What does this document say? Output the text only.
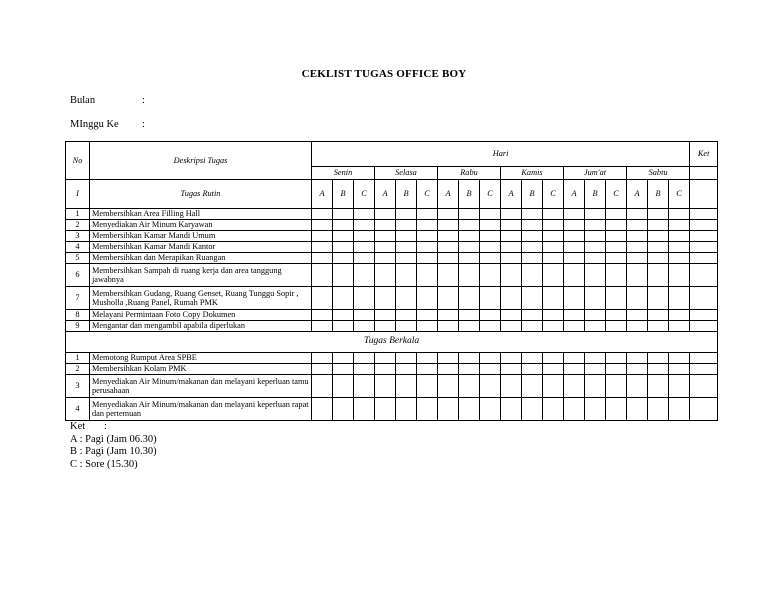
CEKLIST TUGAS OFFICE BOY
Bulan	:
MInggu Ke :
No	Deskripsi Tugas	Hari																		Ket
		Senin			Selasa			Rabu			Kamis			Jum'at			Sabtu			
I	Tugas Rutin	A	B	C	A	B	C	A	B	C	A	B	C	A	B	C	A	B	C	
1	Membersihkan Area Filling Hall																			
2	Menyediakan Air Minum Karyawan																			
3	Membersihkan Kamar Mandi Umum																			
4	Membersihkan Kamar Mandi Kantor																			
5	Membersihkan dan Merapikan Ruangan																			
6	Membersihkan Sampah di ruang kerja dan area tanggung jawabnya																			
7	Membersihkan Gudang, Ruang Genset, Ruang Tunggu Sopir , Musholla ,Ruang Panel, Rumah PMK																			
8	Melayani Permintaan Foto Copy Dokumen																			
9	Mengantar dan mengambil apabila diperlukan																			
Tugas Berkala																				
1	Memotong Rumput Area SPBE																			
2	Membersihkan Kolam PMK																			
3	Menyediakan Air Minum/makanan dan melayani keperluan tamu perusahaan																			
4	Menyediakan Air Minum/makanan dan melayani keperluan rapat dan pertemuan																			
Ket :
A : Pagi (Jam 06.30)
B : Pagi (Jam 10.30)
C : Sore (15.30)
